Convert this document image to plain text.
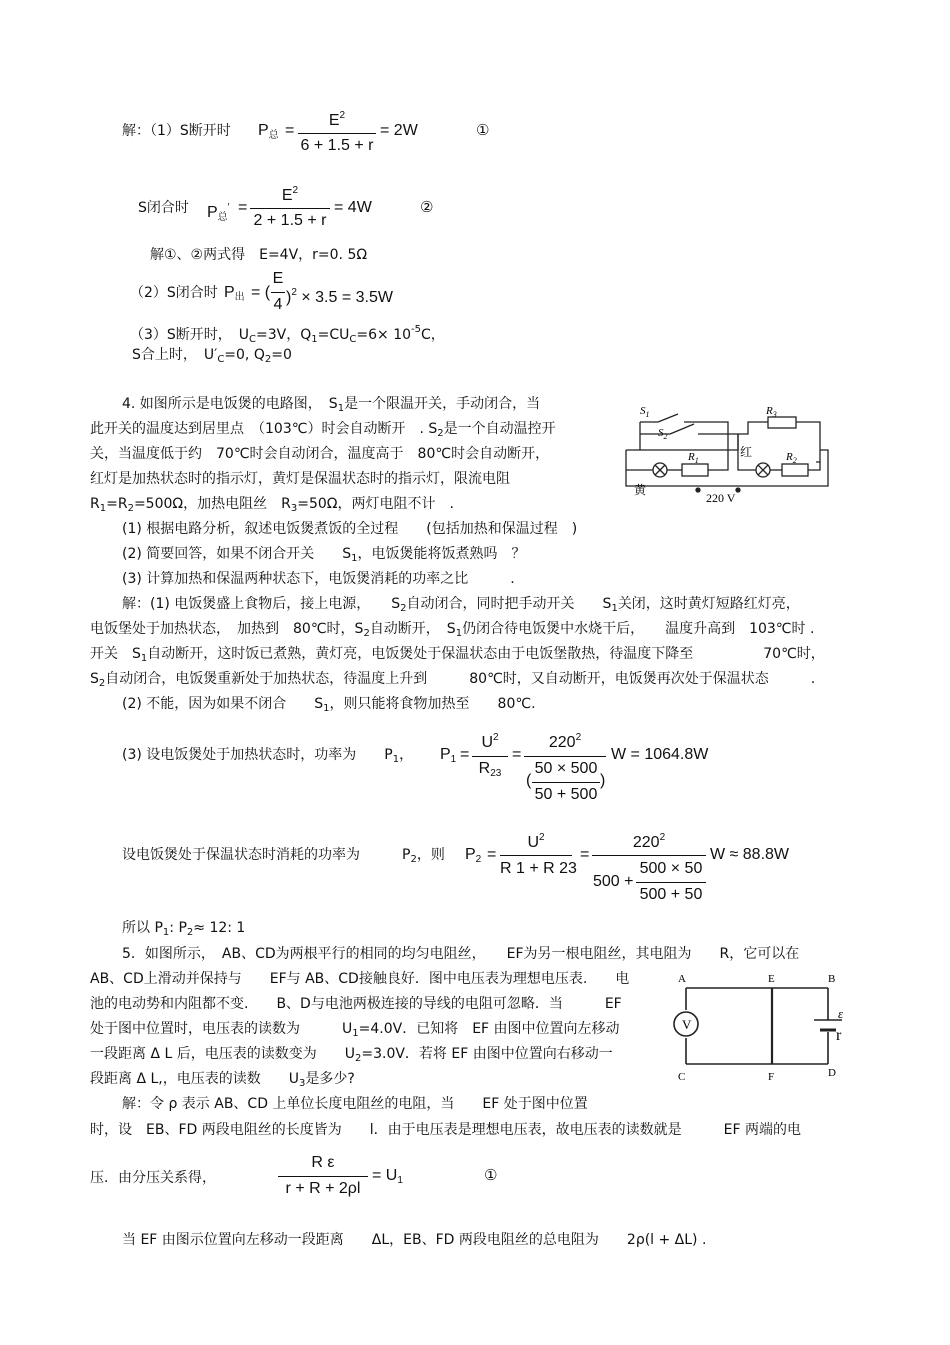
解：（1）S断开时 $P_总$ =
$E^2$
6 + 1.5 + r
= 2W	①
S闭合时 $P_总'$ =
$E^2$
2 + 1.5 + r
= 4W	②
解①、②两式得　E=4V，r=0. 5Ω
（2）S闭合时 $P_出$ = (
E
4 )$^2$ × 3.5 = 3.5W
（3）S断开时，　$U_C=3V$，$Q_1=CU_C=6\times 10^{-5}C$，
S合上时，　$U'_C=0$, $Q_2=0$
4. 如图所示是电饭煲的电路图，　$S_1$是一个限温开关，手动闭合，当
此开关的温度达到居里点　（103℃）时会自动断开　. $S_2$是一个自动温控开
关，当温度低于约　70℃时会自动闭合，温度高于　80℃时会自动断开，
红灯是加热状态时的指示灯，黄灯是保温状态时的指示灯，限流电阻
$R_1=R_2=500\Omega$，加热电阻丝　$R_3=50\Omega$，两灯电阻不计　.
(1) 根据电路分析，叙述电饭煲煮饭的全过程　　(包括加热和保温过程　)
(2) 简要回答，如果不闭合开关　　$S_1$，电饭煲能将饭煮熟吗　？
(3) 计算加热和保温两种状态下，电饭煲消耗的功率之比　　　.
$S_1$
$S_2$
$R_1$
$R_3$
$R_2$
黄
红
220 V
解：(1) 电饭煲盛上食物后，接上电源，　　$S_2$自动闭合，同时把手动开关　　$S_1$关闭，这时黄灯短路红灯亮，
电饭堡处于加热状态，　加热到　80℃时，$S_2$自动断开，　$S_1$仍闭合待电饭煲中水烧干后，　　温度升高到　103℃时 .
开关　$S_1$自动断开，这时饭已煮熟，黄灯亮，电饭煲处于保温状态由于电饭堡散热，待温度下降至　　　　　70℃时，
$S_2$自动闭合，电饭煲重新处于加热状态，待温度上升到　　　80℃时，又自动断开，电饭煲再次处于保温状态　　　.
(2) 不能，因为如果不闭合　　$S_1$，则只能将食物加热至　　80℃.
(3) 设电饭煲处于加热状态时，功率为　　$P_1$， $P_1$ =
$U^2$
$R_{23}$
=
$220^2$
(
50 × 500
50 + 500
)
W = 1064.8W
设电饭煲处于保温状态时消耗的功率为　　　$P_2$，则 $P_2$ =
$U^2$
R 1 + R 23
=
$220^2$
500 +
500 × 50
500 + 50
W ≈ 88.8W
所以 $P_1$: $P_2\approx 12$: 1
5．如图所示，　AB、CD为两根平行的相同的均匀电阻丝，　　EF为另一根电阻丝，其电阻为　　R，它可以在
AB、CD上滑动并保持与　　EF与 AB、CD接触良好．图中电压表为理想电压表.　　电
池的电动势和内阻都不变.　　B、D与电池两极连接的导线的电阻可忽略．当　　　EF
处于图中位置时，电压表的读数为　　　$U_1=4.0V$．已知将　EF 由图中位置向左移动
一段距离 Δ L 后，电压表的读数变为　　$U_2=3.0V$．若将 EF 由图中位置向右移动一
段距离 Δ L,，电压表的读数　　$U_3$是多少?
V
A	E	B
C	F	D
ε
r
解：令 ρ 表示 AB、CD 上单位长度电阻丝的电阻，当　　EF 处于图中位置
时，设　EB、FD 两段电阻丝的长度皆为　　l．由于电压表是理想电压表，故电压表的读数就是　　　EF 两端的电
压．由分压关系得，
R ε
r + R + 2ρl
= $U_1$	①
当 EF 由图示位置向左移动一段距离　　ΔL，EB、FD 两段电阻丝的总电阻为　　2ρ(l + ΔL) .
